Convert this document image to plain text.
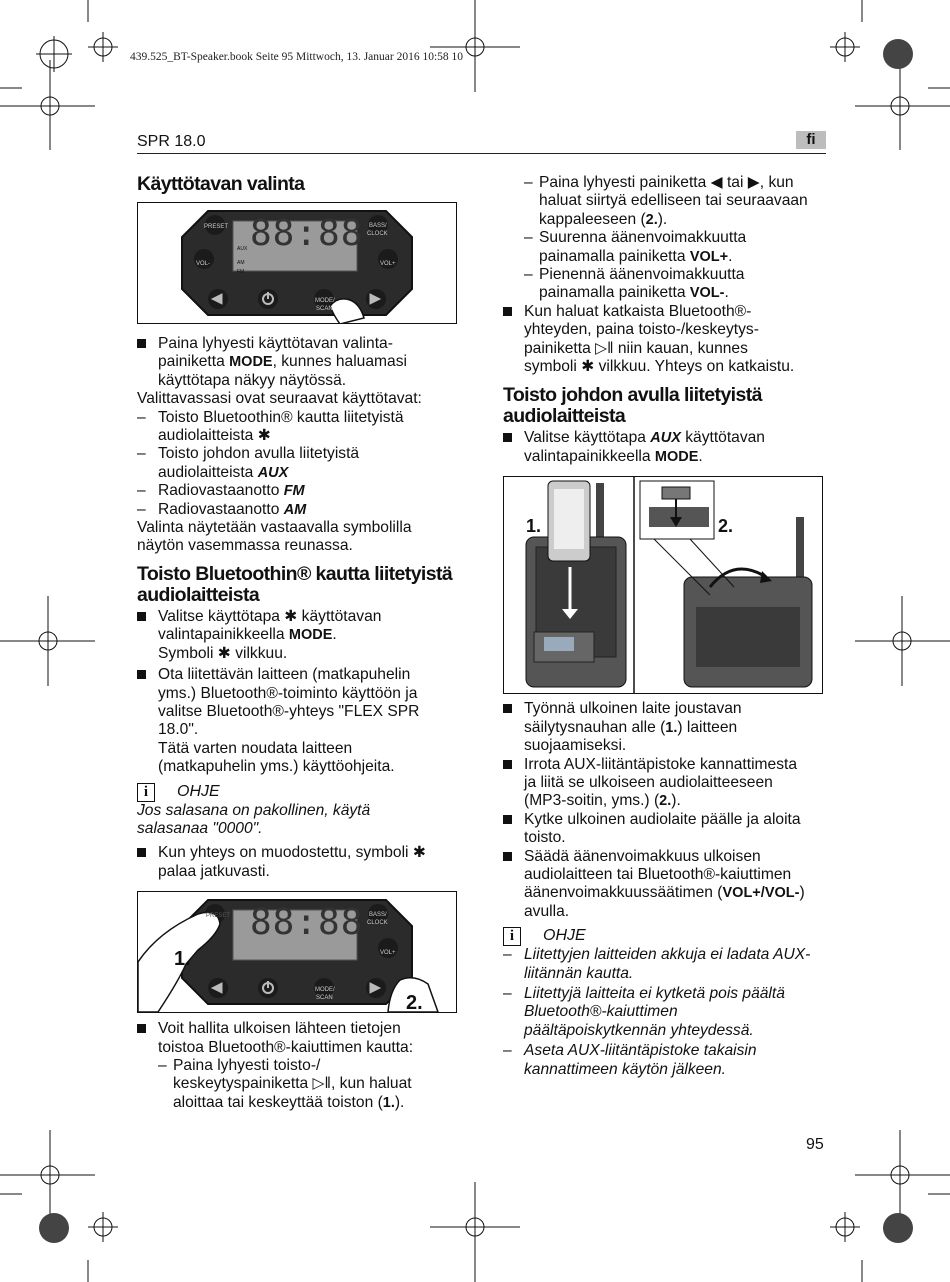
439.525_BT-Speaker.book Seite 95 Mittwoch, 13. Januar 2016 10:58 10
SPR 18.0	fi
Käyttötavan valinta
88:88
PRESET	BASS/
CLOCK
VOL-	VOL+
AUX
AM
FM
MODE/
SCAN
Paina lyhyesti käyttötavan valinta-
painiketta MODE, kunnes haluamasi
käyttötapa näkyy näytössä.
Valittavassasi ovat seuraavat käyttötavat:
– Toisto Bluetoothin® kautta liitetyistä
audiolaitteista ✱
– Toisto johdon avulla liitetyistä
audiolaitteista AUX
– Radiovastaanotto FM
– Radiovastaanotto AM
Valinta näytetään vastaavalla symbolilla
näytön vasemmassa reunassa.
Toisto Bluetoothin® kautta liitetyistä
audiolaitteista
Valitse käyttötapa ✱ käyttötavan
valintapainikkeella MODE.
Symboli ✱ vilkkuu.
Ota liitettävän laitteen (matkapuhelin
yms.) Bluetooth®-toiminto käyttöön ja
valitse Bluetooth®-yhteys "FLEX SPR
18.0".
Tätä varten noudata laitteen
(matkapuhelin yms.) käyttöohjeita.
i	OHJE
Jos salasana on pakollinen, käytä
salasanaa "0000".
Kun yhteys on muodostettu, symboli ✱
palaa jatkuvasti.
88:88
PRESET	BASS/
CLOCK
VOL+
MODE/
SCAN
1.
2.
Voit hallita ulkoisen lähteen tietojen
toistoa Bluetooth®-kaiuttimen kautta:
– Paina lyhyesti toisto-/
keskeytyspainiketta ▷ǁ, kun haluat
aloittaa tai keskeyttää toiston (1.).
– Paina lyhyesti painiketta ◀ tai ▶, kun
haluat siirtyä edelliseen tai seuraavaan
kappaleeseen (2.).
– Suurenna äänenvoimakkuutta
painamalla painiketta VOL+.
– Pienennä äänenvoimakkuutta
painamalla painiketta VOL-.
Kun haluat katkaista Bluetooth®-
yhteyden, paina toisto-/keskeytys-
painiketta ▷ǁ niin kauan, kunnes
symboli ✱ vilkkuu. Yhteys on katkaistu.
Toisto johdon avulla liitetyistä
audiolaitteista
Valitse käyttötapa AUX käyttötavan
valintapainikkeella MODE.
1.	2.
Työnnä ulkoinen laite joustavan
säilytysnauhan alle (1.) laitteen
suojaamiseksi.
Irrota AUX-liitäntäpistoke kannattimesta
ja liitä se ulkoiseen audiolaitteeseen
(MP3-soitin, yms.) (2.).
Kytke ulkoinen audiolaite päälle ja aloita
toisto.
Säädä äänenvoimakkuus ulkoisen
audiolaitteen tai Bluetooth®-kaiuttimen
äänenvoimakkuussäätimen (VOL+/VOL-)
avulla.
i	OHJE
– Liitettyjen laitteiden akkuja ei ladata AUX-
liitännän kautta.
– Liitettyjä laitteita ei kytketä pois päältä
Bluetooth®-kaiuttimen
päältäpoiskytkennän yhteydessä.
– Aseta AUX-liitäntäpistoke takaisin
kannattimeen käytön jälkeen.
95
